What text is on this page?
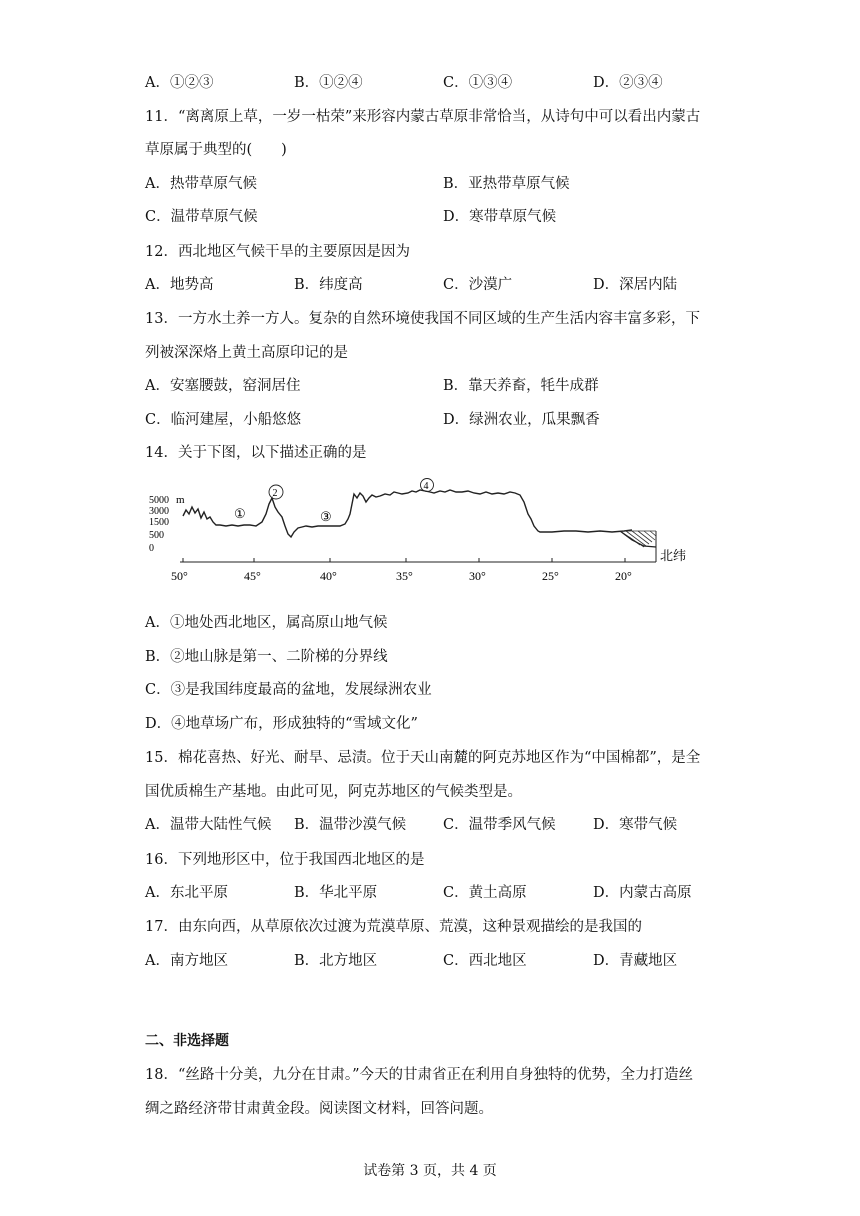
A．①②③	B．①②④	C．①③④	D．②③④
11．“离离原上草，一岁一枯荣”来形容内蒙古草原非常恰当，从诗句中可以看出内蒙古
草原属于典型的(　　)
A．热带草原气候	B．亚热带草原气候
C．温带草原气候	D．寒带草原气候
12．西北地区气候干旱的主要原因是因为
A．地势高	B．纬度高	C．沙漠广	D．深居内陆
13．一方水土养一方人。复杂的自然环境使我国不同区域的生产生活内容丰富多彩，下
列被深深烙上黄土高原印记的是
A．安塞腰鼓，窑洞居住	B．靠天养畜，牦牛成群
C．临河建屋，小船悠悠	D．绿洲农业，瓜果飘香
14．关于下图，以下描述正确的是
5000 m
3000
1500
500
0
①
2
③
4
50°	45°	40°	35°	30°	25°	20°
北纬
A．①地处西北地区，属高原山地气候
B．②地山脉是第一、二阶梯的分界线
C．③是我国纬度最高的盆地，发展绿洲农业
D．④地草场广布，形成独特的“雪域文化”
15．棉花喜热、好光、耐旱、忌渍。位于天山南麓的阿克苏地区作为“中国棉都”，是全
国优质棉生产基地。由此可见，阿克苏地区的气候类型是。
A．温带大陆性气候 B．温带沙漠气候	C．温带季风气候	D．寒带气候
16．下列地形区中，位于我国西北地区的是
A．东北平原	B．华北平原	C．黄土高原	D．内蒙古高原
17．由东向西，从草原依次过渡为荒漠草原、荒漠，这种景观描绘的是我国的
A．南方地区	B．北方地区	C．西北地区	D．青藏地区
二、非选择题
18．“丝路十分美，九分在甘肃。”今天的甘肃省正在利用自身独特的优势，全力打造丝
绸之路经济带甘肃黄金段。阅读图文材料，回答问题。
试卷第 3 页，共 4 页
